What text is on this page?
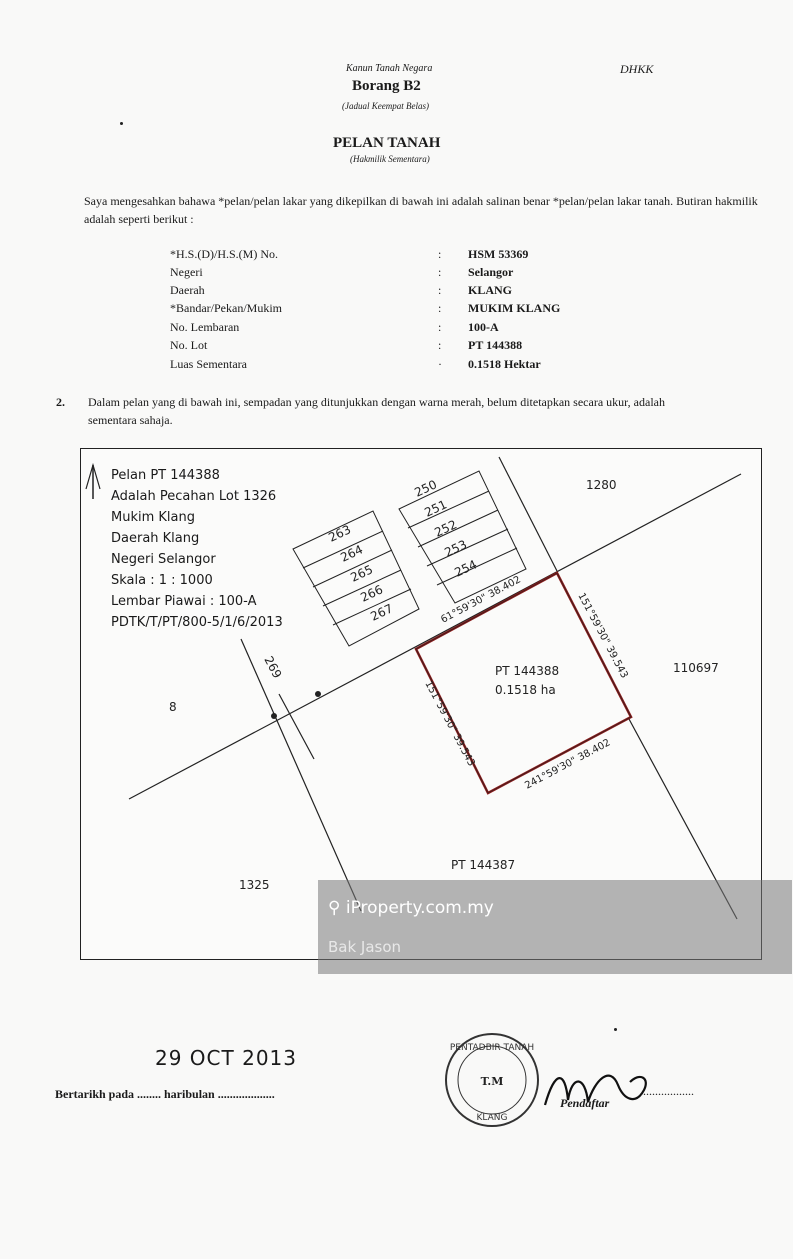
Kanun Tanah Negara	DHKK
Borang B2
(Jadual Keempat Belas)
PELAN TANAH
(Hakmilik Sementara)
Saya mengesahkan bahawa *pelan/pelan lakar yang dikepilkan di bawah ini adalah salinan benar *pelan/pelan lakar tanah. Butiran hakmilik adalah seperti berikut :
*H.S.(D)/H.S.(M) No.	: HSM 53369
Negeri	: Selangor
Daerah	: KLANG
*Bandar/Pekan/Mukim	: MUKIM KLANG
No. Lembaran	: 100-A
No. Lot	: PT 144388
Luas Sementara	· 0.1518 Hektar
2. Dalam pelan yang di bawah ini, sempadan yang ditunjukkan dengan warna merah, belum ditetapkan secara ukur, adalah sementara sahaja.
PT 144388
0.1518 ha
61°59'30" 38.402	151°59'30" 39.543
151°59'30" 39.543	241°59'30" 38.402
110697
1280
8
1325
PT 144387
269
263
264
265
266
267
250
251
252
253
254
Pelan PT 144388
Adalah Pecahan Lot 1326
Mukim Klang
Daerah Klang
Negeri Selangor
Skala : 1 : 1000
Lembar Piawai : 100-A
PDTK/T/PT/800-5/1/6/2013
⚲ iProperty.com.my
Bak Jason
29 OCT 2013
Bertarikh pada ........ haribulan ...................
PENTADBIR TANAH
T.M
KLANG
Pendaftar
..................
